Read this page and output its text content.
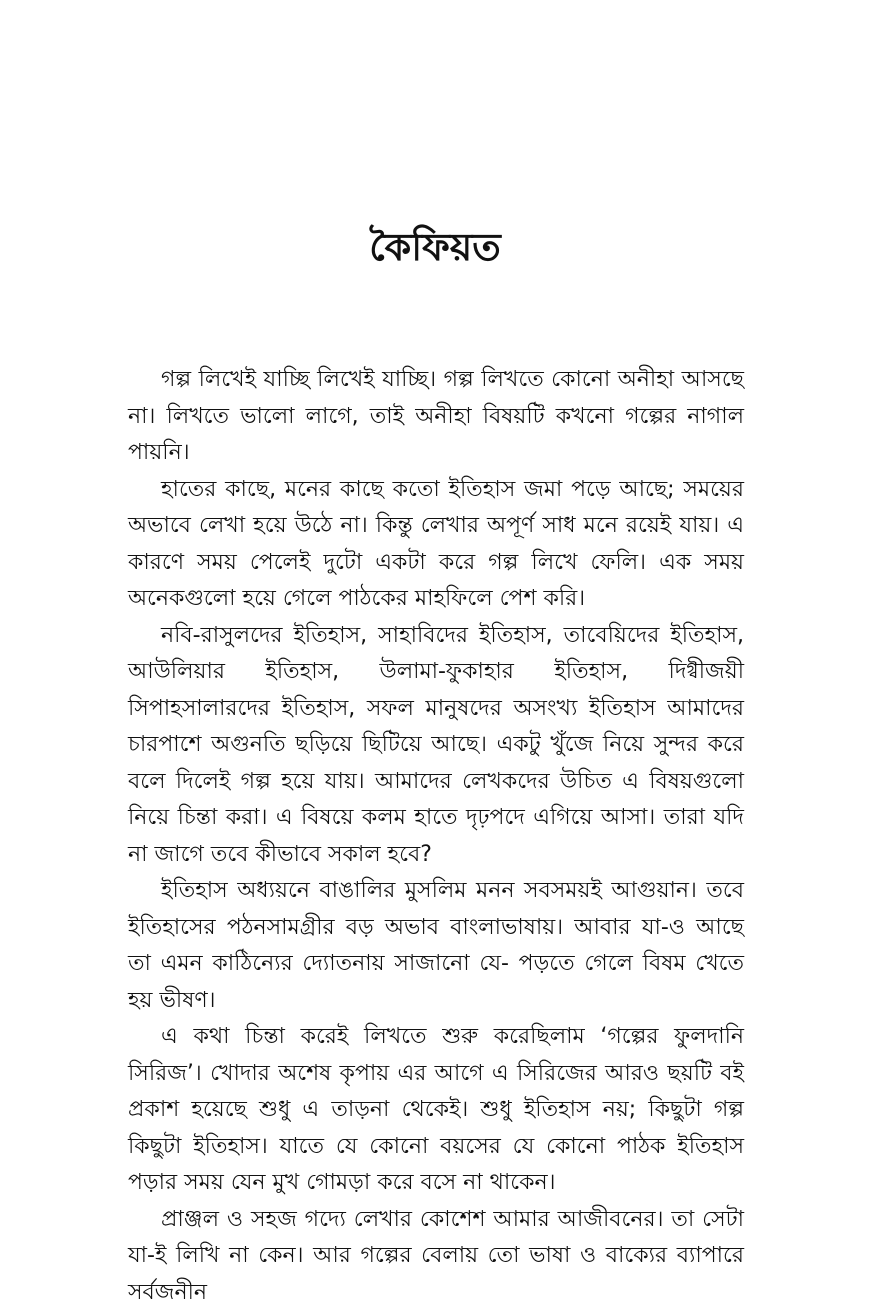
কৈফিয়ত

গল্প লিখেই যাচ্ছি লিখেই যাচ্ছি। গল্প লিখতে কোনো অনীহা আসছে না। লিখতে ভালো লাগে, তাই অনীহা বিষয়টি কখনো গল্পের নাগাল পায়নি।

হাতের কাছে, মনের কাছে কতো ইতিহাস জমা পড়ে আছে; সময়ের অভাবে লেখা হয়ে উঠে না। কিন্তু লেখার অপূর্ণ সাধ মনে রয়েই যায়। এ কারণে সময় পেলেই দুটো একটা করে গল্প লিখে ফেলি। এক সময় অনেকগুলো হয়ে গেলে পাঠকের মাহফিলে পেশ করি।

নবি-রাসুলদের ইতিহাস, সাহাবিদের ইতিহাস, তাবেয়িদের ইতিহাস, আউলিয়ার ইতিহাস, উলামা-ফুকাহার ইতিহাস, দিগ্বীজয়ী সিপাহসালারদের ইতিহাস, সফল মানুষদের অসংখ্য ইতিহাস আমাদের চারপাশে অগুনতি ছড়িয়ে ছিটিয়ে আছে। একটু খুঁজে নিয়ে সুন্দর করে বলে দিলেই গল্প হয়ে যায়। আমাদের লেখকদের উচিত এ বিষয়গুলো নিয়ে চিন্তা করা। এ বিষয়ে কলম হাতে দৃঢ়পদে এগিয়ে আসা। তারা যদি না জাগে তবে কীভাবে সকাল হবে?

ইতিহাস অধ্যয়নে বাঙালির মুসলিম মনন সবসময়ই আগুয়ান। তবে ইতিহাসের পঠনসামগ্রীর বড় অভাব বাংলাভাষায়। আবার যা-ও আছে তা এমন কাঠিন্যের দ্যোতনায় সাজানো যে- পড়তে গেলে বিষম খেতে হয় ভীষণ।

এ কথা চিন্তা করেই লিখতে শুরু করেছিলাম ‘গল্পের ফুলদানি সিরিজ’। খোদার অশেষ কৃপায় এর আগে এ সিরিজের আরও ছয়টি বই প্রকাশ হয়েছে শুধু এ তাড়না থেকেই। শুধু ইতিহাস নয়; কিছুটা গল্প কিছুটা ইতিহাস। যাতে যে কোনো বয়সের যে কোনো পাঠক ইতিহাস পড়ার সময় যেন মুখ গোমড়া করে বসে না থাকেন।

প্রাঞ্জল ও সহজ গদ্যে লেখার কোশেশ আমার আজীবনের। তা সেটা যা-ই লিখি না কেন। আর গল্পের বেলায় তো ভাষা ও বাক্যের ব্যাপারে সর্বজনীন
